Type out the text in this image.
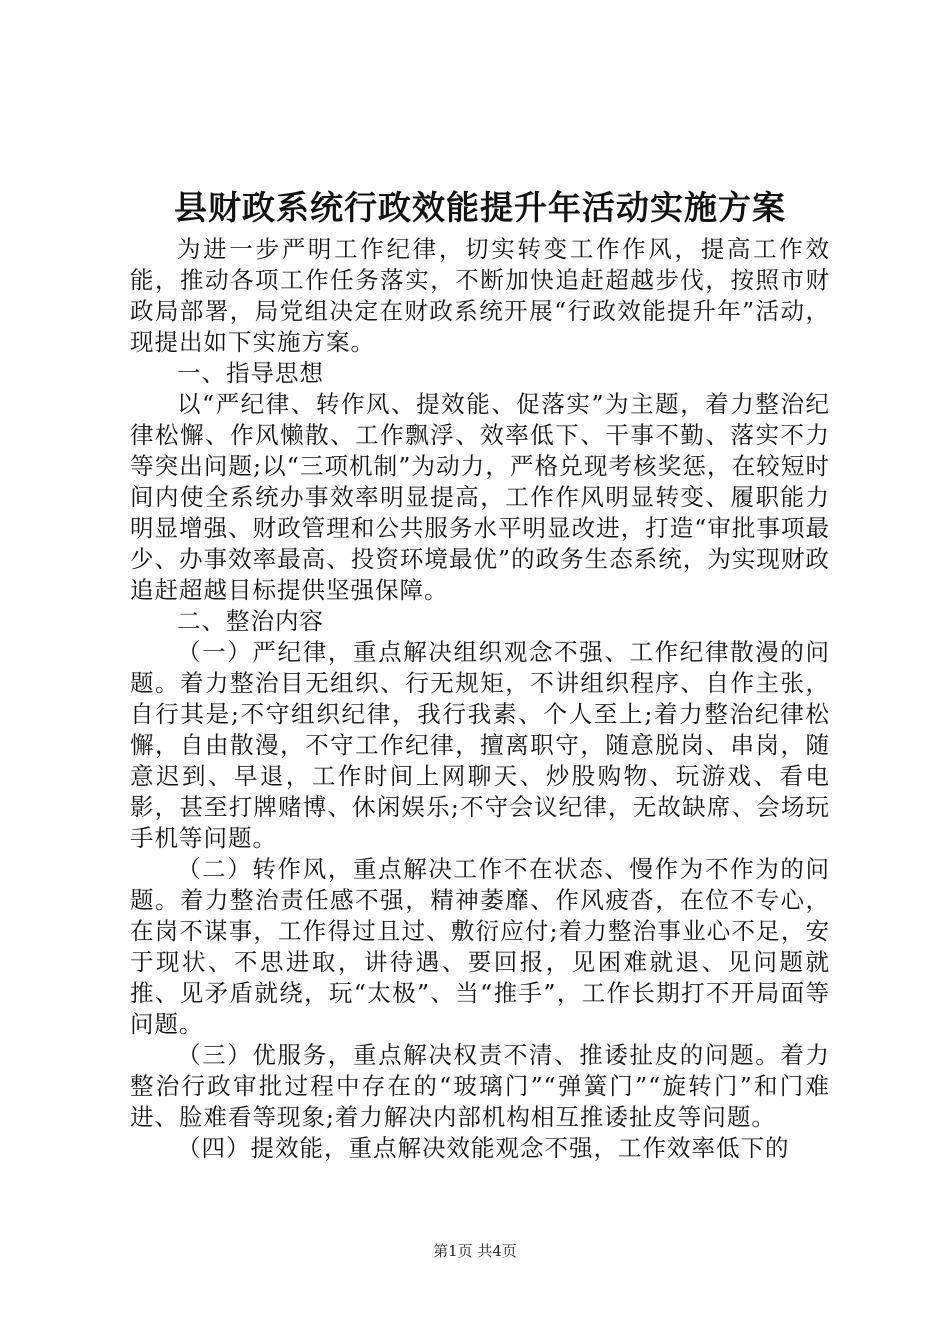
县财政系统行政效能提升年活动实施方案

为进一步严明工作纪律，切实转变工作作风，提高工作效能，推动各项工作任务落实，不断加快追赶超越步伐，按照市财政局部署，局党组决定在财政系统开展“行政效能提升年”活动，现提出如下实施方案。

一、指导思想

以“严纪律、转作风、提效能、促落实”为主题，着力整治纪律松懈、作风懒散、工作飘浮、效率低下、干事不勤、落实不力等突出问题;以“三项机制”为动力，严格兑现考核奖惩，在较短时间内使全系统办事效率明显提高，工作作风明显转变、履职能力明显增强、财政管理和公共服务水平明显改进，打造“审批事项最少、办事效率最高、投资环境最优”的政务生态系统，为实现财政追赶超越目标提供坚强保障。

二、整治内容

（一）严纪律，重点解决组织观念不强、工作纪律散漫的问题。着力整治目无组织、行无规矩，不讲组织程序、自作主张，自行其是;不守组织纪律，我行我素、个人至上;着力整治纪律松懈，自由散漫，不守工作纪律，擅离职守，随意脱岗、串岗，随意迟到、早退，工作时间上网聊天、炒股购物、玩游戏、看电影，甚至打牌赌博、休闲娱乐;不守会议纪律，无故缺席、会场玩手机等问题。

（二）转作风，重点解决工作不在状态、慢作为不作为的问题。着力整治责任感不强，精神萎靡、作风疲沓，在位不专心，在岗不谋事，工作得过且过、敷衍应付;着力整治事业心不足，安于现状、不思进取，讲待遇、要回报，见困难就退、见问题就推、见矛盾就绕，玩“太极”、当“推手”，工作长期打不开局面等问题。

（三）优服务，重点解决权责不清、推诿扯皮的问题。着力整治行政审批过程中存在的“玻璃门”“弹簧门”“旋转门”和门难进、脸难看等现象;着力解决内部机构相互推诿扯皮等问题。

（四）提效能，重点解决效能观念不强，工作效率低下的

第1页 共4页
